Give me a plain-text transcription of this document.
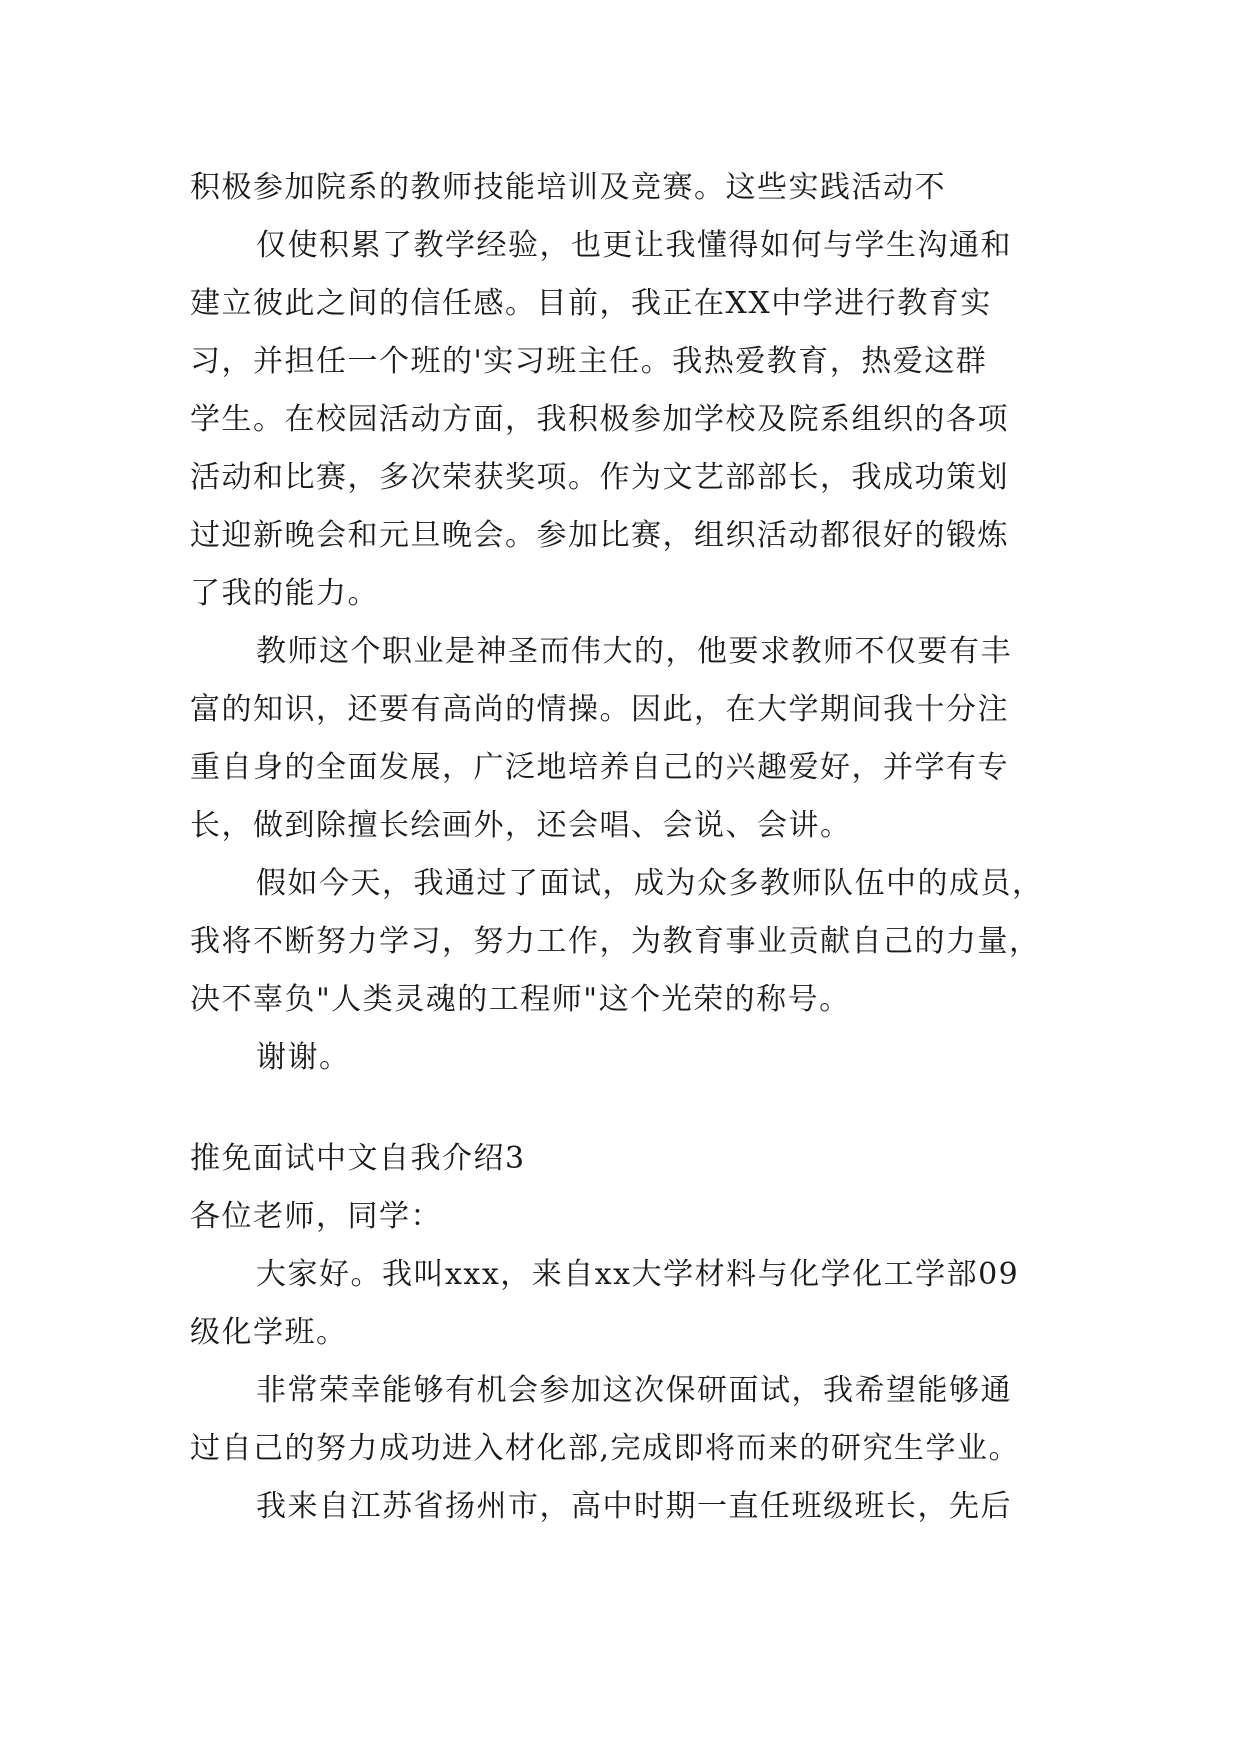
积极参加院系的教师技能培训及竞赛。这些实践活动不
仅使积累了教学经验，也更让我懂得如何与学生沟通和
建立彼此之间的信任感。目前，我正在XX中学进行教育实
习，并担任一个班的'实习班主任。我热爱教育，热爱这群
学生。在校园活动方面，我积极参加学校及院系组织的各项
活动和比赛，多次荣获奖项。作为文艺部部长，我成功策划
过迎新晚会和元旦晚会。参加比赛，组织活动都很好的锻炼
了我的能力。
教师这个职业是神圣而伟大的，他要求教师不仅要有丰
富的知识，还要有高尚的情操。因此，在大学期间我十分注
重自身的全面发展，广泛地培养自己的兴趣爱好，并学有专
长，做到除擅长绘画外，还会唱、会说、会讲。
假如今天，我通过了面试，成为众多教师队伍中的成员，
我将不断努力学习，努力工作，为教育事业贡献自己的力量，
决不辜负"人类灵魂的工程师"这个光荣的称号。
谢谢。
推免面试中文自我介绍3
各位老师，同学：
大家好。我叫xxx，来自xx大学材料与化学化工学部09
级化学班。
非常荣幸能够有机会参加这次保研面试，我希望能够通
过自己的努力成功进入材化部,完成即将而来的研究生学业。
我来自江苏省扬州市，高中时期一直任班级班长，先后
